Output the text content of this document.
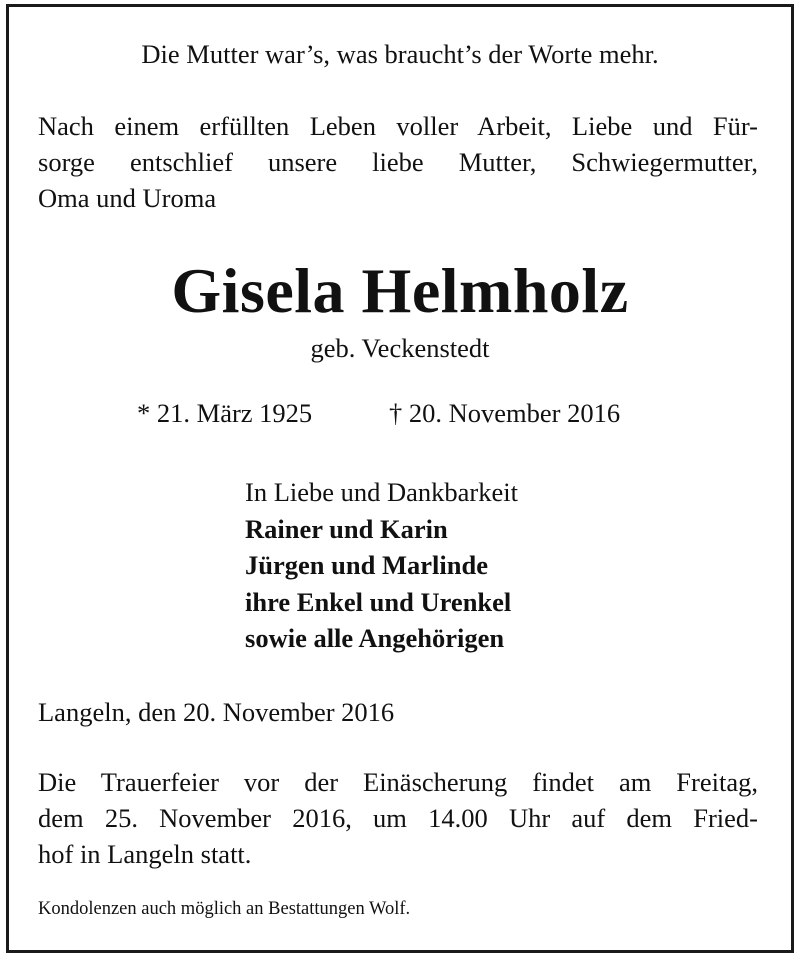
Die Mutter war’s, was braucht’s der Worte mehr.
Nach einem erfüllten Leben voller Arbeit, Liebe und Für-
sorge entschlief unsere liebe Mutter, Schwiegermutter,
Oma und Uroma
Gisela Helmholz
geb. Veckenstedt
* 21. März 1925	† 20. November 2016
In Liebe und Dankbarkeit
Rainer und Karin
Jürgen und Marlinde
ihre Enkel und Urenkel
sowie alle Angehörigen
Langeln, den 20. November 2016
Die Trauerfeier vor der Einäscherung findet am Freitag,
dem 25. November 2016, um 14.00 Uhr auf dem Fried-
hof in Langeln statt.
Kondolenzen auch möglich an Bestattungen Wolf.
